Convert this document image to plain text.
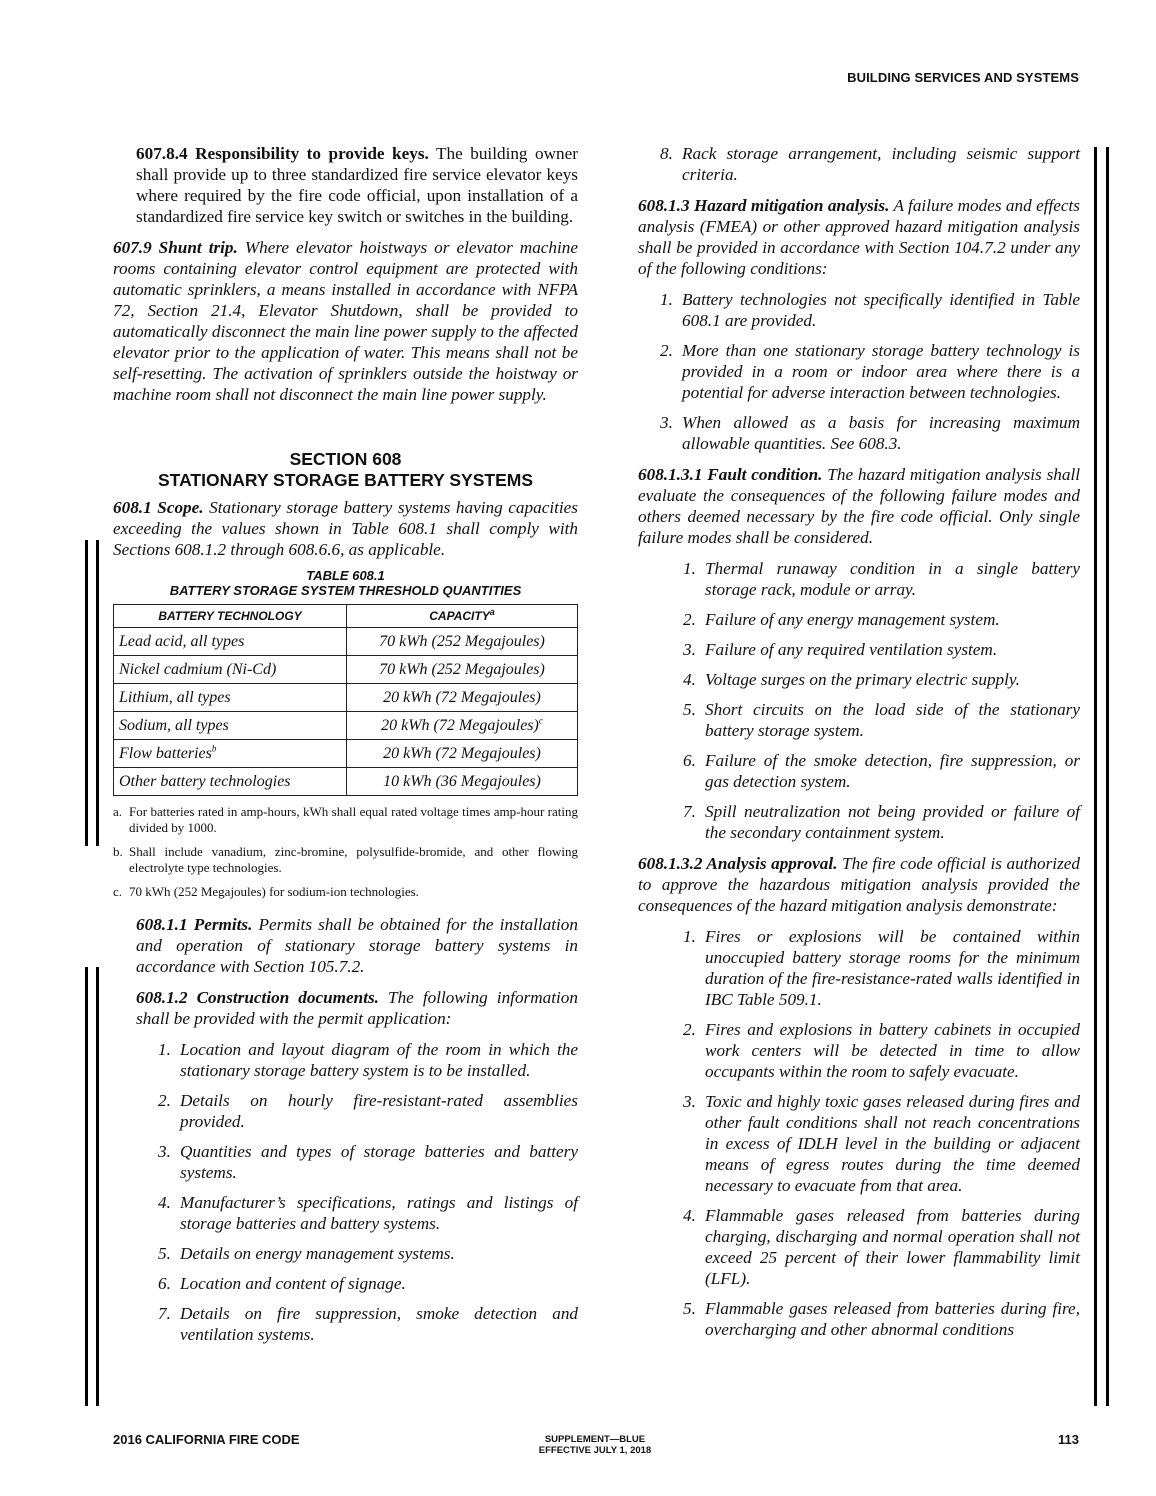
BUILDING SERVICES AND SYSTEMS

607.8.4 Responsibility to provide keys. The building owner shall provide up to three standardized fire service elevator keys where required by the fire code official, upon installation of a standardized fire service key switch or switches in the building.

607.9 Shunt trip. Where elevator hoistways or elevator machine rooms containing elevator control equipment are protected with automatic sprinklers, a means installed in accordance with NFPA 72, Section 21.4, Elevator Shutdown, shall be provided to automatically disconnect the main line power supply to the affected elevator prior to the application of water. This means shall not be self-resetting. The activation of sprinklers outside the hoistway or machine room shall not disconnect the main line power supply.

SECTION 608
STATIONARY STORAGE BATTERY SYSTEMS

608.1 Scope. Stationary storage battery systems having capacities exceeding the values shown in Table 608.1 shall comply with Sections 608.1.2 through 608.6.6, as applicable.

TABLE 608.1
BATTERY STORAGE SYSTEM THRESHOLD QUANTITIES
BATTERY TECHNOLOGY	CAPACITY$^a$
Lead acid, all types	70 kWh (252 Megajoules)
Nickel cadmium (Ni-Cd)	70 kWh (252 Megajoules)
Lithium, all types	20 kWh (72 Megajoules)
Sodium, all types	20 kWh (72 Megajoules)$^c$
Flow batteries$^b$	20 kWh (72 Megajoules)
Other battery technologies	10 kWh (36 Megajoules)
a. For batteries rated in amp-hours, kWh shall equal rated voltage times amp-hour rating divided by 1000.
b. Shall include vanadium, zinc-bromine, polysulfide-bromide, and other flowing electrolyte type technologies.
c. 70 kWh (252 Megajoules) for sodium-ion technologies.

608.1.1 Permits. Permits shall be obtained for the installation and operation of stationary storage battery systems in accordance with Section 105.7.2.

608.1.2 Construction documents. The following information shall be provided with the permit application:

1. Location and layout diagram of the room in which the stationary storage battery system is to be installed.
2. Details on hourly fire-resistant-rated assemblies provided.
3. Quantities and types of storage batteries and battery systems.
4. Manufacturer’s specifications, ratings and listings of storage batteries and battery systems.
5. Details on energy management systems.
6. Location and content of signage.
7. Details on fire suppression, smoke detection and ventilation systems.
8. Rack storage arrangement, including seismic support criteria.

608.1.3 Hazard mitigation analysis. A failure modes and effects analysis (FMEA) or other approved hazard mitigation analysis shall be provided in accordance with Section 104.7.2 under any of the following conditions:

1. Battery technologies not specifically identified in Table 608.1 are provided.
2. More than one stationary storage battery technology is provided in a room or indoor area where there is a potential for adverse interaction between technologies.
3. When allowed as a basis for increasing maximum allowable quantities. See 608.3.

608.1.3.1 Fault condition. The hazard mitigation analysis shall evaluate the consequences of the following failure modes and others deemed necessary by the fire code official. Only single failure modes shall be considered.

1. Thermal runaway condition in a single battery storage rack, module or array.
2. Failure of any energy management system.
3. Failure of any required ventilation system.
4. Voltage surges on the primary electric supply.
5. Short circuits on the load side of the stationary battery storage system.
6. Failure of the smoke detection, fire suppression, or gas detection system.
7. Spill neutralization not being provided or failure of the secondary containment system.

608.1.3.2 Analysis approval. The fire code official is authorized to approve the hazardous mitigation analysis provided the consequences of the hazard mitigation analysis demonstrate:

1. Fires or explosions will be contained within unoccupied battery storage rooms for the minimum duration of the fire-resistance-rated walls identified in IBC Table 509.1.
2. Fires and explosions in battery cabinets in occupied work centers will be detected in time to allow occupants within the room to safely evacuate.
3. Toxic and highly toxic gases released during fires and other fault conditions shall not reach concentrations in excess of IDLH level in the building or adjacent means of egress routes during the time deemed necessary to evacuate from that area.
4. Flammable gases released from batteries during charging, discharging and normal operation shall not exceed 25 percent of their lower flammability limit (LFL).
5. Flammable gases released from batteries during fire, overcharging and other abnormal conditions
2016 CALIFORNIA FIRE CODE	SUPPLEMENT—BLUE
EFFECTIVE JULY 1, 2018
113
